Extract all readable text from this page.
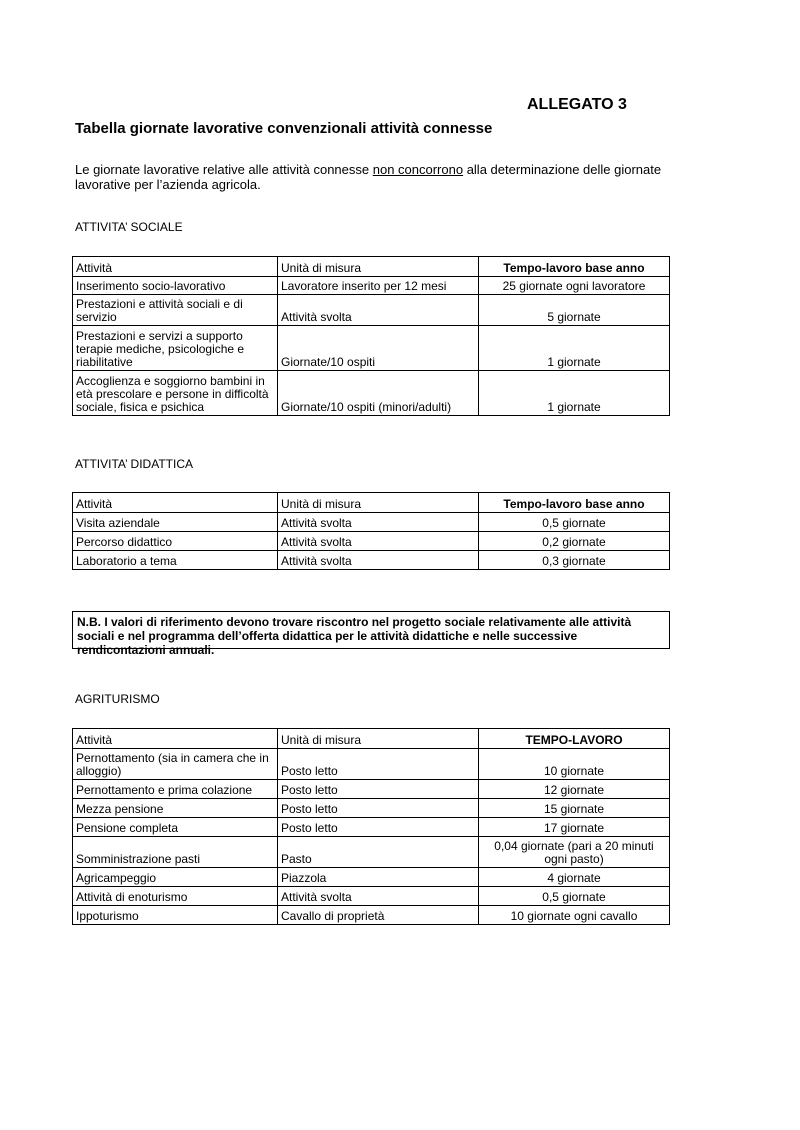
ALLEGATO 3
Tabella giornate lavorative convenzionali attività connesse
Le giornate lavorative relative alle attività connesse non concorrono alla determinazione delle giornate lavorative per l’azienda agricola.
ATTIVITA’ SOCIALE
Attività	Unità di misura	Tempo-lavoro base anno
Inserimento socio-lavorativo	Lavoratore inserito per 12 mesi	25 giornate ogni lavoratore
Prestazioni e attività sociali e di servizio	Attività svolta	5 giornate
Prestazioni e servizi a supporto terapie mediche, psicologiche e riabilitative	Giornate/10 ospiti	1 giornate
Accoglienza e soggiorno bambini in età prescolare e persone in difficoltà sociale, fisica e psichica	Giornate/10 ospiti (minori/adulti)	1 giornate
ATTIVITA’ DIDATTICA
Attività	Unità di misura	Tempo-lavoro base anno
Visita aziendale	Attività svolta	0,5 giornate
Percorso didattico	Attività svolta	0,2 giornate
Laboratorio a tema	Attività svolta	0,3 giornate
N.B. I valori di riferimento devono trovare riscontro nel progetto sociale relativamente alle attività sociali e nel programma dell’offerta didattica per le attività didattiche e nelle successive rendicontazioni annuali.
AGRITURISMO
Attività	Unità di misura	TEMPO-LAVORO
Pernottamento (sia in camera che in alloggio)	Posto letto	10 giornate
Pernottamento e prima colazione	Posto letto	12 giornate
Mezza pensione	Posto letto	15 giornate
Pensione completa	Posto letto	17 giornate
Somministrazione pasti	Pasto	0,04 giornate (pari a 20 minuti ogni pasto)
Agricampeggio	Piazzola	4 giornate
Attività di enoturismo	Attività svolta	0,5 giornate
Ippoturismo	Cavallo di proprietà	10 giornate ogni cavallo
